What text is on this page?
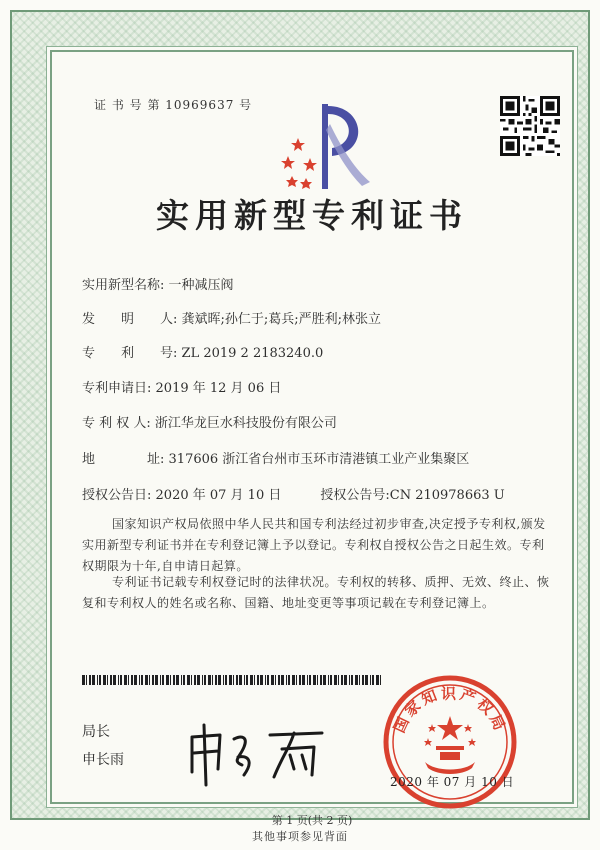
证 书 号 第 10969637 号
实用新型专利证书
实用新型名称: 一种减压阀
发　　明　　人: 龚斌晖;孙仁于;葛兵;严胜利;林张立
专　　利　　号: ZL 2019 2 2183240.0
专利申请日: 2019 年 12 月 06 日
专 利 权 人: 浙江华龙巨水科技股份有限公司
地　　　　址: 317606 浙江省台州市玉环市清港镇工业产业集聚区
授权公告日: 2020 年 07 月 10 日　　　授权公告号:CN 210978663 U
国家知识产权局依照中华人民共和国专利法经过初步审查,决定授予专利权,颁发实用新型专利证书并在专利登记簿上予以登记。专利权自授权公告之日起生效。专利权期限为十年,自申请日起算。
专利证书记载专利权登记时的法律状况。专利权的转移、质押、无效、终止、恢复和专利权人的姓名或名称、国籍、地址变更等事项记载在专利登记簿上。
局长
申长雨
国家知识产权局
2020 年 07 月 10 日
第 1 页(共 2 页)
其他事项参见背面
